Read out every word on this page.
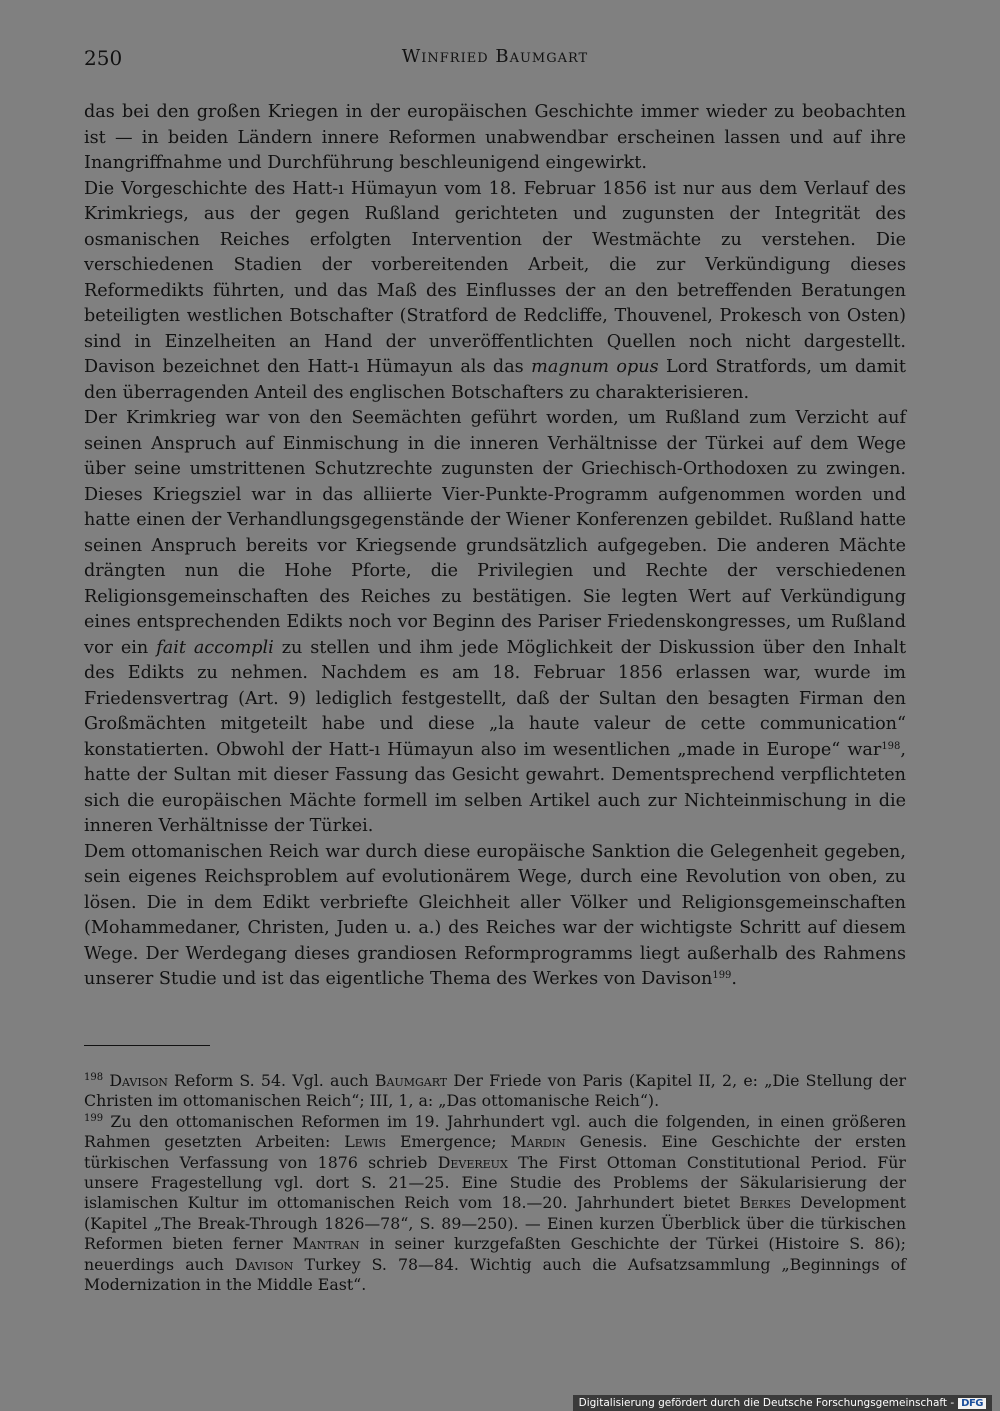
250	Winfried Baumgart

das bei den großen Kriegen in der europäischen Geschichte immer wieder zu beobachten ist — in beiden Ländern innere Reformen unabwendbar erscheinen lassen und auf ihre Inangriffnahme und Durchführung beschleunigend eingewirkt.

Die Vorgeschichte des Hatt-ı Hümayun vom 18. Februar 1856 ist nur aus dem Verlauf des Krimkriegs, aus der gegen Rußland gerichteten und zugunsten der Integrität des osmanischen Reiches erfolgten Intervention der Westmächte zu verstehen. Die verschiedenen Stadien der vorbereitenden Arbeit, die zur Verkündigung dieses Reformedikts führten, und das Maß des Einflusses der an den betreffenden Beratungen beteiligten westlichen Botschafter (Stratford de Redcliffe, Thouvenel, Prokesch von Osten) sind in Einzelheiten an Hand der unveröffentlichten Quellen noch nicht dargestellt. Davison bezeichnet den Hatt-ı Hümayun als das magnum opus Lord Stratfords, um damit den überragenden Anteil des englischen Botschafters zu charakterisieren.

Der Krimkrieg war von den Seemächten geführt worden, um Rußland zum Verzicht auf seinen Anspruch auf Einmischung in die inneren Verhältnisse der Türkei auf dem Wege über seine umstrittenen Schutzrechte zugunsten der Griechisch-Orthodoxen zu zwingen. Dieses Kriegsziel war in das alliierte Vier-Punkte-Programm aufgenommen worden und hatte einen der Verhandlungsgegenstände der Wiener Konferenzen gebildet. Rußland hatte seinen Anspruch bereits vor Kriegsende grundsätzlich aufgegeben. Die anderen Mächte drängten nun die Hohe Pforte, die Privilegien und Rechte der verschiedenen Religionsgemeinschaften des Reiches zu bestätigen. Sie legten Wert auf Verkündigung eines entsprechenden Edikts noch vor Beginn des Pariser Friedenskongresses, um Rußland vor ein fait accompli zu stellen und ihm jede Möglichkeit der Diskussion über den Inhalt des Edikts zu nehmen. Nachdem es am 18. Februar 1856 erlassen war, wurde im Friedensvertrag (Art. 9) lediglich festgestellt, daß der Sultan den besagten Firman den Großmächten mitgeteilt habe und diese „la haute valeur de cette communication“ konstatierten. Obwohl der Hatt-ı Hümayun also im wesentlichen „made in Europe“ war$^{198}$, hatte der Sultan mit dieser Fassung das Gesicht gewahrt. Dementsprechend verpflichteten sich die europäischen Mächte formell im selben Artikel auch zur Nichteinmischung in die inneren Verhältnisse der Türkei.

Dem ottomanischen Reich war durch diese europäische Sanktion die Gelegenheit gegeben, sein eigenes Reichsproblem auf evolutionärem Wege, durch eine Revolution von oben, zu lösen. Die in dem Edikt verbriefte Gleichheit aller Völker und Religionsgemeinschaften (Mohammedaner, Christen, Juden u. a.) des Reiches war der wichtigste Schritt auf diesem Wege. Der Werdegang dieses grandiosen Reformprogramms liegt außerhalb des Rahmens unserer Studie und ist das eigentliche Thema des Werkes von Davison$^{199}$.

$^{198}$ Davison Reform S. 54. Vgl. auch Baumgart Der Friede von Paris (Kapitel II, 2, e: „Die Stellung der Christen im ottomanischen Reich“; III, 1, a: „Das ottomanische Reich“).

$^{199}$ Zu den ottomanischen Reformen im 19. Jahrhundert vgl. auch die folgenden, in einen größeren Rahmen gesetzten Arbeiten: Lewis Emergence; Mardin Genesis. Eine Geschichte der ersten türkischen Verfassung von 1876 schrieb Devereux The First Ottoman Constitutional Period. Für unsere Fragestellung vgl. dort S. 21—25. Eine Studie des Problems der Säkularisierung der islamischen Kultur im ottomanischen Reich vom 18.—20. Jahrhundert bietet Berkes Development (Kapitel „The Break-Through 1826—78“, S. 89—250). — Einen kurzen Überblick über die türkischen Reformen bieten ferner Mantran in seiner kurzgefaßten Geschichte der Türkei (Histoire S. 86); neuerdings auch Davison Turkey S. 78—84. Wichtig auch die Aufsatzsammlung „Beginnings of Modernization in the Middle East“.

Digitalisierung gefördert durch die Deutsche Forschungsgemeinschaft - DFG
